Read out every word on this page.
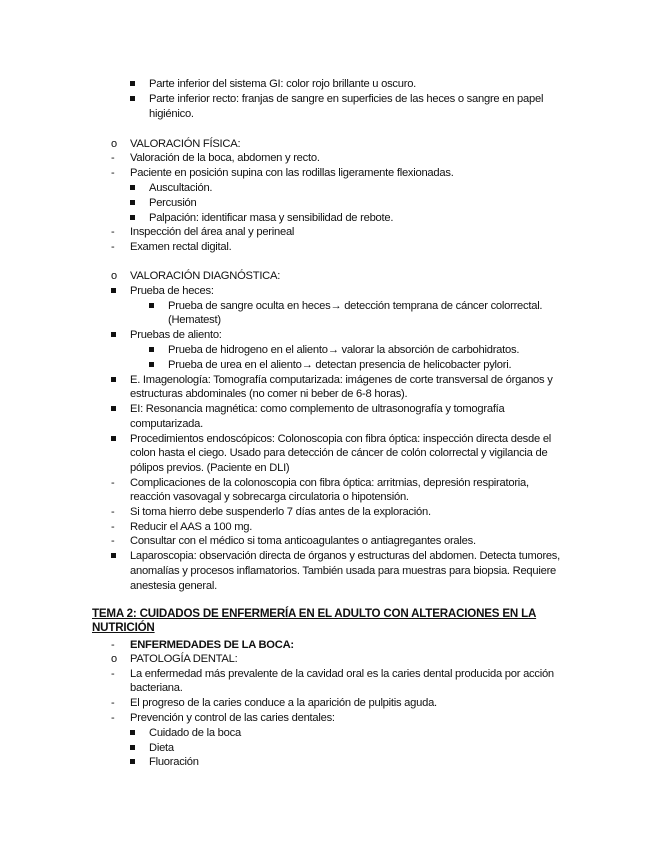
Parte inferior del sistema GI: color rojo brillante u oscuro.
Parte inferior recto: franjas de sangre en superficies de las heces o sangre en papel
higiénico.
o VALORACIÓN FÍSICA:
- Valoración de la boca, abdomen y recto.
- Paciente en posición supina con las rodillas ligeramente flexionadas.
Auscultación.
Percusión
Palpación: identificar masa y sensibilidad de rebote.
- Inspección del área anal y perineal
- Examen rectal digital.
o VALORACIÓN DIAGNÓSTICA:
Prueba de heces:
Prueba de sangre oculta en heces→ detección temprana de cáncer colorrectal.
(Hematest)
Pruebas de aliento:
Prueba de hidrogeno en el aliento→ valorar la absorción de carbohidratos.
Prueba de urea en el aliento→ detectan presencia de helicobacter pylori.
E. Imagenología: Tomografía computarizada: imágenes de corte transversal de órganos y
estructuras abdominales (no comer ni beber de 6-8 horas).
EI: Resonancia magnética: como complemento de ultrasonografía y tomografía
computarizada.
Procedimientos endoscópicos: Colonoscopia con fibra óptica: inspección directa desde el
colon hasta el ciego. Usado para detección de cáncer de colón colorrectal y vigilancia de
pólipos previos. (Paciente en DLI)
- Complicaciones de la colonoscopia con fibra óptica: arritmias, depresión respiratoria,
reacción vasovagal y sobrecarga circulatoria o hipotensión.
- Si toma hierro debe suspenderlo 7 días antes de la exploración.
- Reducir el AAS a 100 mg.
- Consultar con el médico si toma anticoagulantes o antiagregantes orales.
Laparoscopia: observación directa de órganos y estructuras del abdomen. Detecta tumores,
anomalías y procesos inflamatorios. También usada para muestras para biopsia. Requiere
anestesia general.
TEMA 2: CUIDADOS DE ENFERMERÍA EN EL ADULTO CON ALTERACIONES EN LA
NUTRICIÓN
- ENFERMEDADES DE LA BOCA:
o PATOLOGÍA DENTAL:
- La enfermedad más prevalente de la cavidad oral es la caries dental producida por acción
bacteriana.
- El progreso de la caries conduce a la aparición de pulpitis aguda.
- Prevención y control de las caries dentales:
Cuidado de la boca
Dieta
Fluoración
